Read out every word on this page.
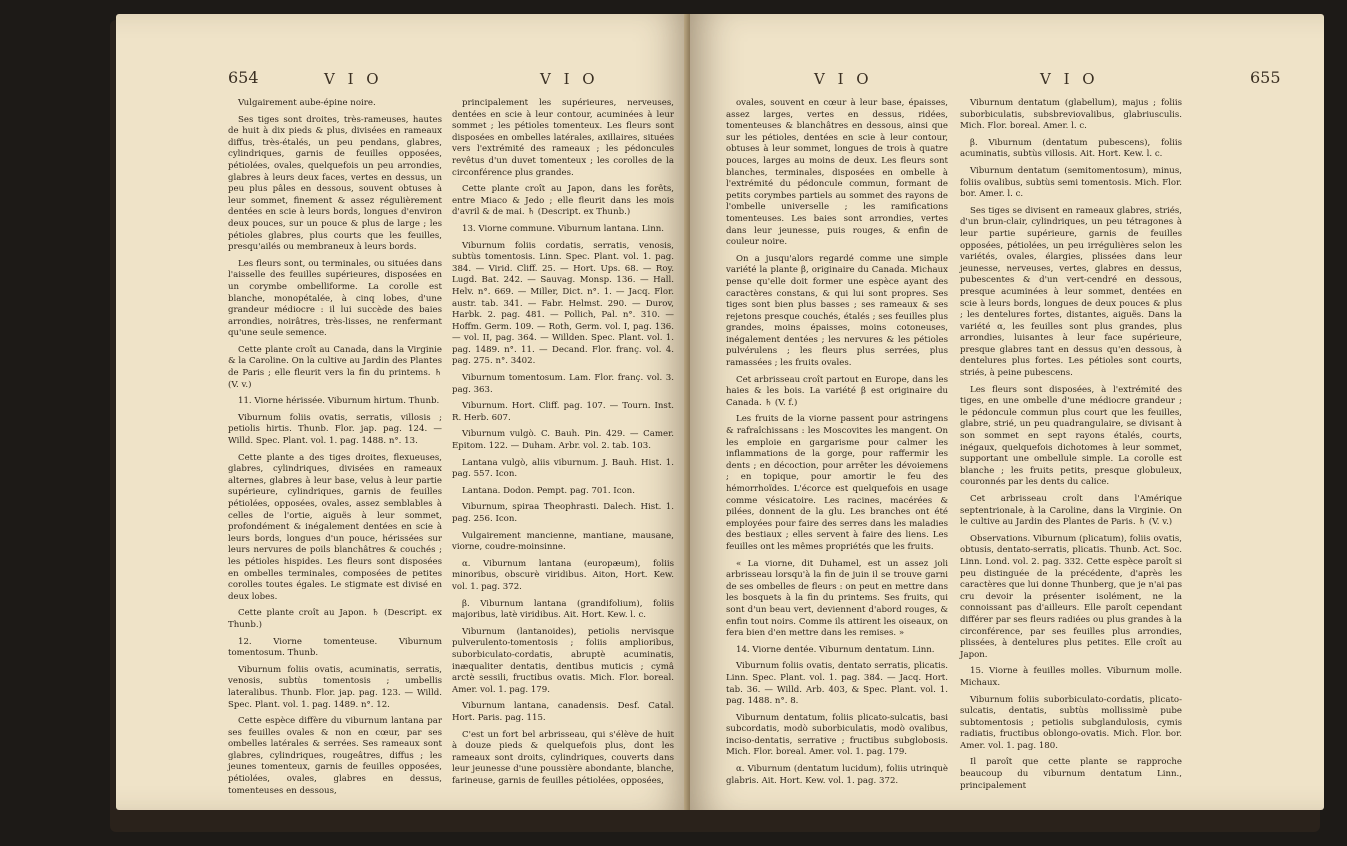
654	V I O	V I O

Vulgairement aube-épine noire.

Ses tiges sont droites, très-rameuses, hautes de huit à dix pieds & plus, divisées en rameaux diffus, très-étalés, un peu pendans, glabres, cylindriques, garnis de feuilles opposées, pétiolées, ovales, quelquefois un peu arrondies, glabres à leurs deux faces, vertes en dessus, un peu plus pâles en dessous, souvent obtuses à leur sommet, finement & assez régulièrement dentées en scie à leurs bords, longues d'environ deux pouces, sur un pouce & plus de large ; les pétioles glabres, plus courts que les feuilles, presqu'ailés ou membraneux à leurs bords.

Les fleurs sont, ou terminales, ou situées dans l'aisselle des feuilles supérieures, disposées en un corymbe ombelliforme. La corolle est blanche, monopétalée, à cinq lobes, d'une grandeur médiocre : il lui succède des baies arrondies, noirâtres, très-lisses, ne renfermant qu'une seule semence.

Cette plante croît au Canada, dans la Virginie & la Caroline. On la cultive au Jardin des Plantes de Paris ; elle fleurit vers la fin du printems. ♄ (V. v.)

11. Viorne hérissée. Viburnum hirtum. Thunb.

Viburnum foliis ovatis, serratis, villosis ; petiolis hirtis. Thunb. Flor. jap. pag. 124. — Willd. Spec. Plant. vol. 1. pag. 1488. n°. 13.

Cette plante a des tiges droites, flexueuses, glabres, cylindriques, divisées en rameaux alternes, glabres à leur base, velus à leur partie supérieure, cylindriques, garnis de feuilles pétiolées, opposées, ovales, assez semblables à celles de l'ortie, aiguës à leur sommet, profondément & inégalement dentées en scie à leurs bords, longues d'un pouce, hérissées sur leurs nervures de poils blanchâtres & couchés ; les pétioles hispides. Les fleurs sont disposées en ombelles terminales, composées de petites corolles toutes égales. Le stigmate est divisé en deux lobes.

Cette plante croît au Japon. ♄ (Descript. ex Thunb.)

12. Viorne tomenteuse. Viburnum tomentosum. Thunb.

Viburnum foliis ovatis, acuminatis, serratis, venosis, subtùs tomentosis ; umbellis lateralibus. Thunb. Flor. jap. pag. 123. — Willd. Spec. Plant. vol. 1. pag. 1489. n°. 12.

Cette espèce diffère du viburnum lantana par ses feuilles ovales & non en cœur, par ses ombelles latérales & serrées. Ses rameaux sont glabres, cylindriques, rougeâtres, diffus ; les jeunes tomenteux, garnis de feuilles opposées, pétiolées, ovales, glabres en dessus, tomenteuses en dessous,

principalement les supérieures, nerveuses, dentées en scie à leur contour, acuminées à leur sommet ; les pétioles tomenteux. Les fleurs sont disposées en ombelles latérales, axillaires, situées vers l'extrémité des rameaux ; les pédoncules revêtus d'un duvet tomenteux ; les corolles de la circonférence plus grandes.

Cette plante croît au Japon, dans les forêts, entre Miaco & Jedo ; elle fleurit dans les mois d'avril & de mai. ♄ (Descript. ex Thunb.)

13. Viorne commune. Viburnum lantana. Linn.

Viburnum foliis cordatis, serratis, venosis, subtùs tomentosis. Linn. Spec. Plant. vol. 1. pag. 384. — Virid. Cliff. 25. — Hort. Ups. 68. — Roy. Lugd. Bat. 242. — Sauvag. Monsp. 136. — Hall. Helv. n°. 669. — Miller, Dict. n°. 1. — Jacq. Flor. austr. tab. 341. — Fabr. Helmst. 290. — Durov, Harbk. 2. pag. 481. — Pollich, Pal. n°. 310. — Hoffm. Germ. 109. — Roth, Germ. vol. I, pag. 136. — vol. II, pag. 364. — Willden. Spec. Plant. vol. 1. pag. 1489. n°. 11. — Decand. Flor. franç. vol. 4. pag. 275. n°. 3402.

Viburnum tomentosum. Lam. Flor. franç. vol. 3. pag. 363.

Viburnum. Hort. Cliff. pag. 107. — Tourn. Inst. R. Herb. 607.

Viburnum vulgò. C. Bauh. Pin. 429. — Camer. Epitom. 122. — Duham. Arbr. vol. 2. tab. 103.

Lantana vulgò, aliis viburnum. J. Bauh. Hist. 1. pag. 557. Icon.

Lantana. Dodon. Pempt. pag. 701. Icon.

Viburnum, spiraa Theophrasti. Dalech. Hist. 1. pag. 256. Icon.

Vulgairement mancienne, mantiane, mausane, viorne, coudre-moinsinne.

α. Viburnum lantana (europæum), foliis minoribus, obscurè viridibus. Aiton, Hort. Kew. vol. 1. pag. 372.

β. Viburnum lantana (grandifolium), foliis majoribus, latè viridibus. Ait. Hort. Kew. l. c.

Viburnum (lantanoides), petiolis nervisque pulverulento-tomentosis ; foliis amplioribus, suborbiculato-cordatis, abruptè acuminatis, inæqualiter dentatis, dentibus muticis ; cymâ arctè sessili, fructibus ovatis. Mich. Flor. boreal. Amer. vol. 1. pag. 179.

Viburnum lantana, canadensis. Desf. Catal. Hort. Paris. pag. 115.

C'est un fort bel arbrisseau, qui s'élève de huit à douze pieds & quelquefois plus, dont les rameaux sont droits, cylindriques, couverts dans leur jeunesse d'une poussière abondante, blanche, farineuse, garnis de feuilles pétiolées, opposées,

V I O	V I O	655

ovales, souvent en cœur à leur base, épaisses, assez larges, vertes en dessus, ridées, tomenteuses & blanchâtres en dessous, ainsi que sur les pétioles, dentées en scie à leur contour, obtuses à leur sommet, longues de trois à quatre pouces, larges au moins de deux. Les fleurs sont blanches, terminales, disposées en ombelle à l'extrémité du pédoncule commun, formant de petits corymbes partiels au sommet des rayons de l'ombelle universelle ; les ramifications tomenteuses. Les baies sont arrondies, vertes dans leur jeunesse, puis rouges, & enfin de couleur noire.

On a jusqu'alors regardé comme une simple variété la plante β, originaire du Canada. Michaux pense qu'elle doit former une espèce ayant des caractères constans, & qui lui sont propres. Ses tiges sont bien plus basses ; ses rameaux & ses rejetons presque couchés, étalés ; ses feuilles plus grandes, moins épaisses, moins cotoneuses, inégalement dentées ; les nervures & les pétioles pulvérulens ; les fleurs plus serrées, plus ramassées ; les fruits ovales.

Cet arbrisseau croît partout en Europe, dans les haies & les bois. La variété β est originaire du Canada. ♄ (V. f.)

Les fruits de la viorne passent pour astringens & rafraîchissans : les Moscovites les mangent. On les emploie en gargarisme pour calmer les inflammations de la gorge, pour raffermir les dents ; en décoction, pour arrêter les dévoiemens ; en topique, pour amortir le feu des hémorrhoïdes. L'écorce est quelquefois en usage comme vésicatoire. Les racines, macérées & pilées, donnent de la glu. Les branches ont été employées pour faire des serres dans les maladies des bestiaux ; elles servent à faire des liens. Les feuilles ont les mêmes propriétés que les fruits.

« La viorne, dit Duhamel, est un assez joli arbrisseau lorsqu'à la fin de juin il se trouve garni de ses ombelles de fleurs : on peut en mettre dans les bosquets à la fin du printems. Ses fruits, qui sont d'un beau vert, deviennent d'abord rouges, & enfin tout noirs. Comme ils attirent les oiseaux, on fera bien d'en mettre dans les remises. »

14. Viorne dentée. Viburnum dentatum. Linn.

Viburnum foliis ovatis, dentato serratis, plicatis. Linn. Spec. Plant. vol. 1. pag. 384. — Jacq. Hort. tab. 36. — Willd. Arb. 403, & Spec. Plant. vol. 1. pag. 1488. n°. 8.

Viburnum dentatum, foliis plicato-sulcatis, basi subcordatis, modò suborbiculatis, modò ovalibus, inciso-dentatis, serrative ; fructibus subglobosis. Mich. Flor. boreal. Amer. vol. 1. pag. 179.

α. Viburnum (dentatum lucidum), foliis utrinquè glabris. Ait. Hort. Kew. vol. 1. pag. 372.

Viburnum dentatum (glabellum), majus ; foliis suborbiculatis, subsbreviovalibus, glabriusculis. Mich. Flor. boreal. Amer. l. c.

β. Viburnum (dentatum pubescens), foliis acuminatis, subtùs villosis. Ait. Hort. Kew. l. c.

Viburnum dentatum (semitomentosum), minus, foliis ovalibus, subtùs semi tomentosis. Mich. Flor. bor. Amer. l. c.

Ses tiges se divisent en rameaux glabres, striés, d'un brun-clair, cylindriques, un peu tétragones à leur partie supérieure, garnis de feuilles opposées, pétiolées, un peu irrégulières selon les variétés, ovales, élargies, plissées dans leur jeunesse, nerveuses, vertes, glabres en dessus, pubescentes & d'un vert-cendré en dessous, presque acuminées à leur sommet, dentées en scie à leurs bords, longues de deux pouces & plus ; les dentelures fortes, distantes, aiguës. Dans la variété α, les feuilles sont plus grandes, plus arrondies, luisantes à leur face supérieure, presque glabres tant en dessus qu'en dessous, à dentelures plus fortes. Les pétioles sont courts, striés, à peine pubescens.

Les fleurs sont disposées, à l'extrémité des tiges, en une ombelle d'une médiocre grandeur ; le pédoncule commun plus court que les feuilles, glabre, strié, un peu quadrangulaire, se divisant à son sommet en sept rayons étalés, courts, inégaux, quelquefois dichotomes à leur sommet, supportant une ombellule simple. La corolle est blanche ; les fruits petits, presque globuleux, couronnés par les dents du calice.

Cet arbrisseau croît dans l'Amérique septentrionale, à la Caroline, dans la Virginie. On le cultive au Jardin des Plantes de Paris. ♄ (V. v.)

Observations. Viburnum (plicatum), foliis ovatis, obtusis, dentato-serratis, plicatis. Thunb. Act. Soc. Linn. Lond. vol. 2. pag. 332. Cette espèce paroît si peu distinguée de la précédente, d'après les caractères que lui donne Thunberg, que je n'ai pas cru devoir la présenter isolément, ne la connoissant pas d'ailleurs. Elle paroît cependant différer par ses fleurs radiées ou plus grandes à la circonférence, par ses feuilles plus arrondies, plissées, à dentelures plus petites. Elle croît au Japon.

15. Viorne à feuilles molles. Viburnum molle. Michaux.

Viburnum foliis suborbiculato-cordatis, plicato-sulcatis, dentatis, subtùs mollissimè pube subtomentosis ; petiolis subglandulosis, cymis radiatis, fructibus oblongo-ovatis. Mich. Flor. bor. Amer. vol. 1. pag. 180.

Il paroît que cette plante se rapproche beaucoup du viburnum dentatum Linn., principalement
